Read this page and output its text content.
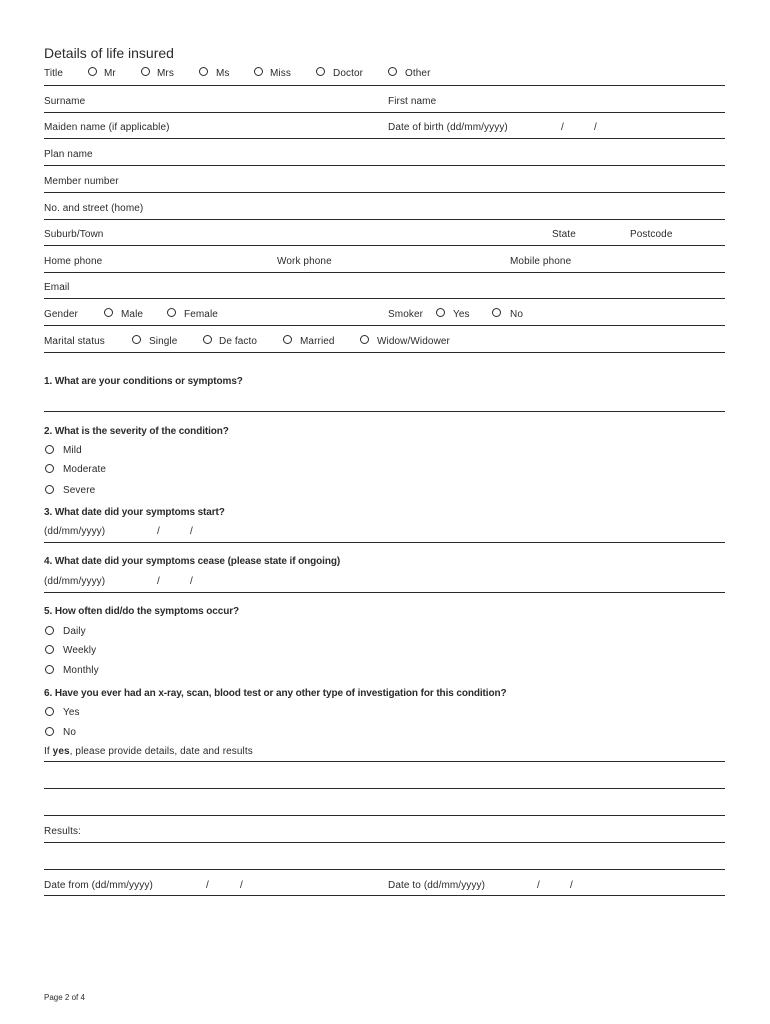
Details of life insured
Title	Mr	Mrs	Ms	Miss	Doctor	Other
Surname	First name
Maiden name (if applicable)	Date of birth (dd/mm/yyyy)	/	/
Plan name
Member number
No. and street (home)
Suburb/Town	State	Postcode
Home phone	Work phone	Mobile phone
Email
Gender	Male	Female	Smoker	Yes	No
Marital status	Single	De facto	Married	Widow/Widower
1. What are your conditions or symptoms?
2. What is the severity of the condition?
Mild
Moderate
Severe
3. What date did your symptoms start?
(dd/mm/yyyy)	/	/
4. What date did your symptoms cease (please state if ongoing)
(dd/mm/yyyy)	/	/
5. How often did/do the symptoms occur?
Daily
Weekly
Monthly
6. Have you ever had an x-ray, scan, blood test or any other type of investigation for this condition?
Yes
No
If yes, please provide details, date and results
Results:
Date from (dd/mm/yyyy)	/	/	Date to (dd/mm/yyyy)	/	/
Page 2 of 4
